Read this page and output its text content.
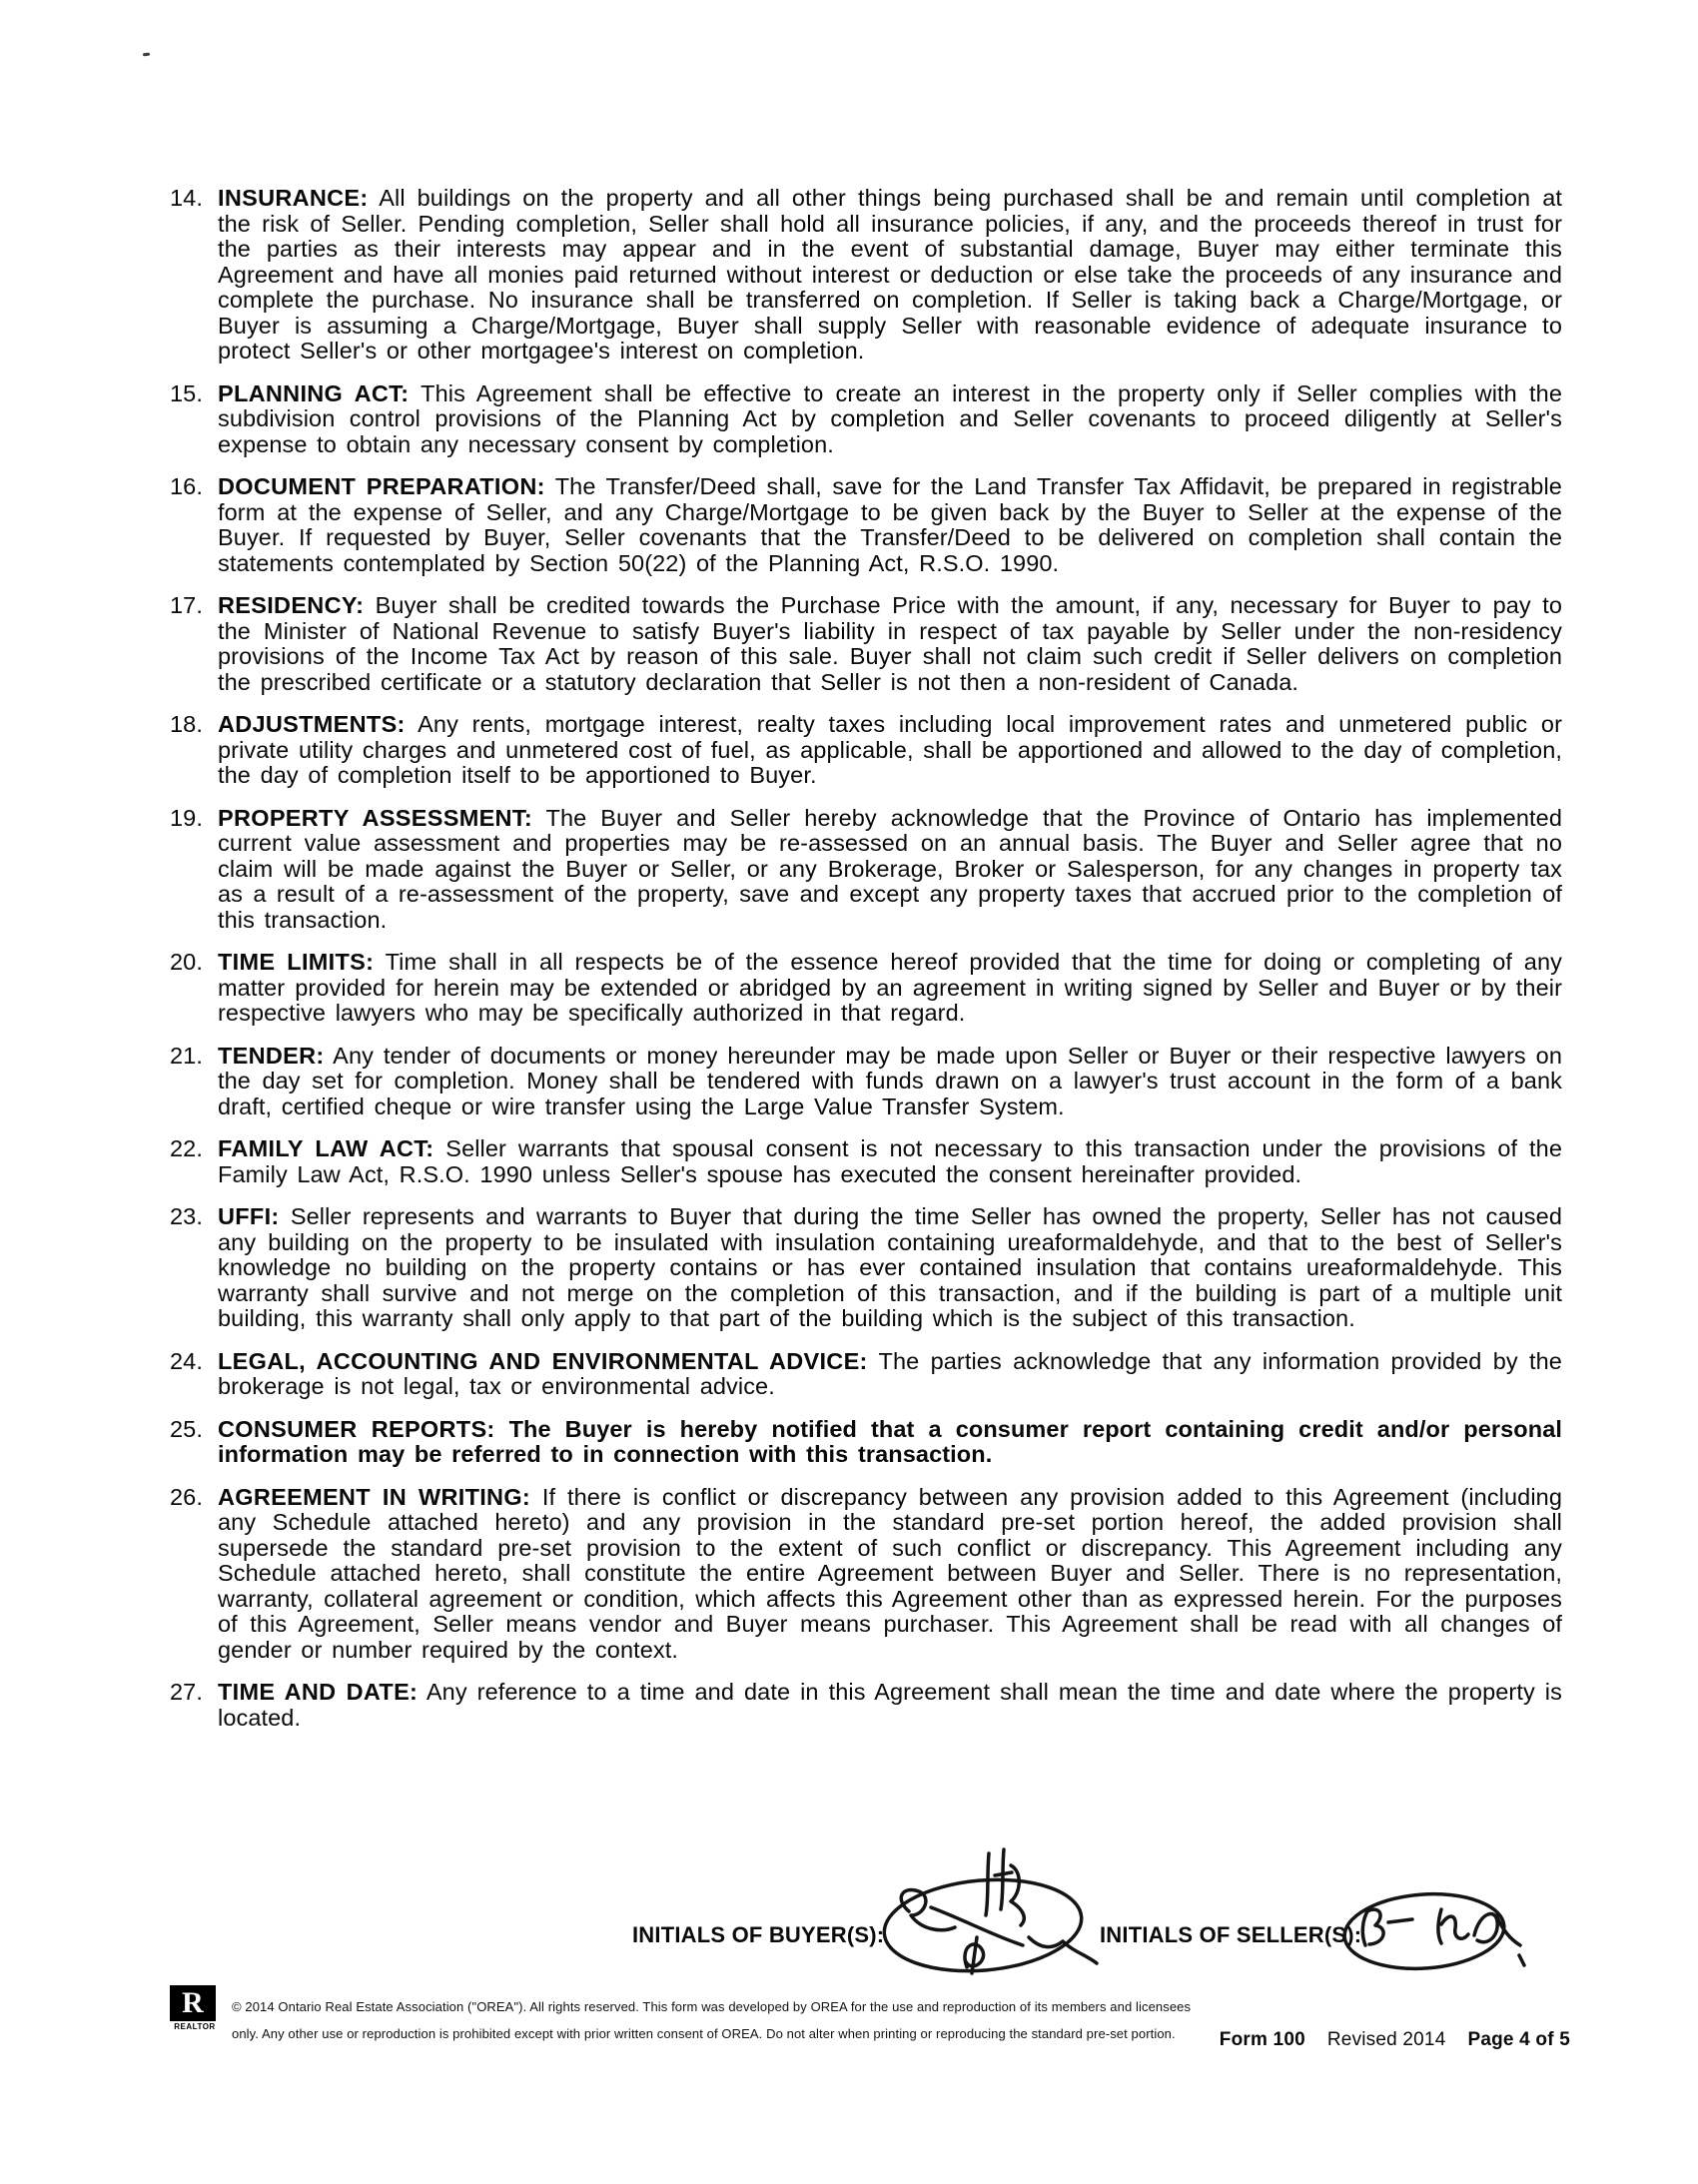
14. INSURANCE: All buildings on the property and all other things being purchased shall be and remain until completion at the risk of Seller. Pending completion, Seller shall hold all insurance policies, if any, and the proceeds thereof in trust for the parties as their interests may appear and in the event of substantial damage, Buyer may either terminate this Agreement and have all monies paid returned without interest or deduction or else take the proceeds of any insurance and complete the purchase. No insurance shall be transferred on completion. If Seller is taking back a Charge/Mortgage, or Buyer is assuming a Charge/Mortgage, Buyer shall supply Seller with reasonable evidence of adequate insurance to protect Seller's or other mortgagee's interest on completion.
15. PLANNING ACT: This Agreement shall be effective to create an interest in the property only if Seller complies with the subdivision control provisions of the Planning Act by completion and Seller covenants to proceed diligently at Seller's expense to obtain any necessary consent by completion.
16. DOCUMENT PREPARATION: The Transfer/Deed shall, save for the Land Transfer Tax Affidavit, be prepared in registrable form at the expense of Seller, and any Charge/Mortgage to be given back by the Buyer to Seller at the expense of the Buyer. If requested by Buyer, Seller covenants that the Transfer/Deed to be delivered on completion shall contain the statements contemplated by Section 50(22) of the Planning Act, R.S.O. 1990.
17. RESIDENCY: Buyer shall be credited towards the Purchase Price with the amount, if any, necessary for Buyer to pay to the Minister of National Revenue to satisfy Buyer's liability in respect of tax payable by Seller under the non-residency provisions of the Income Tax Act by reason of this sale. Buyer shall not claim such credit if Seller delivers on completion the prescribed certificate or a statutory declaration that Seller is not then a non-resident of Canada.
18. ADJUSTMENTS: Any rents, mortgage interest, realty taxes including local improvement rates and unmetered public or private utility charges and unmetered cost of fuel, as applicable, shall be apportioned and allowed to the day of completion, the day of completion itself to be apportioned to Buyer.
19. PROPERTY ASSESSMENT: The Buyer and Seller hereby acknowledge that the Province of Ontario has implemented current value assessment and properties may be re-assessed on an annual basis. The Buyer and Seller agree that no claim will be made against the Buyer or Seller, or any Brokerage, Broker or Salesperson, for any changes in property tax as a result of a re-assessment of the property, save and except any property taxes that accrued prior to the completion of this transaction.
20. TIME LIMITS: Time shall in all respects be of the essence hereof provided that the time for doing or completing of any matter provided for herein may be extended or abridged by an agreement in writing signed by Seller and Buyer or by their respective lawyers who may be specifically authorized in that regard.
21. TENDER: Any tender of documents or money hereunder may be made upon Seller or Buyer or their respective lawyers on the day set for completion. Money shall be tendered with funds drawn on a lawyer's trust account in the form of a bank draft, certified cheque or wire transfer using the Large Value Transfer System.
22. FAMILY LAW ACT: Seller warrants that spousal consent is not necessary to this transaction under the provisions of the Family Law Act, R.S.O. 1990 unless Seller's spouse has executed the consent hereinafter provided.
23. UFFI: Seller represents and warrants to Buyer that during the time Seller has owned the property, Seller has not caused any building on the property to be insulated with insulation containing ureaformaldehyde, and that to the best of Seller's knowledge no building on the property contains or has ever contained insulation that contains ureaformaldehyde. This warranty shall survive and not merge on the completion of this transaction, and if the building is part of a multiple unit building, this warranty shall only apply to that part of the building which is the subject of this transaction.
24. LEGAL, ACCOUNTING AND ENVIRONMENTAL ADVICE: The parties acknowledge that any information provided by the brokerage is not legal, tax or environmental advice.
25. CONSUMER REPORTS: The Buyer is hereby notified that a consumer report containing credit and/or personal information may be referred to in connection with this transaction.
26. AGREEMENT IN WRITING: If there is conflict or discrepancy between any provision added to this Agreement (including any Schedule attached hereto) and any provision in the standard pre-set portion hereof, the added provision shall supersede the standard pre-set provision to the extent of such conflict or discrepancy. This Agreement including any Schedule attached hereto, shall constitute the entire Agreement between Buyer and Seller. There is no representation, warranty, collateral agreement or condition, which affects this Agreement other than as expressed herein. For the purposes of this Agreement, Seller means vendor and Buyer means purchaser. This Agreement shall be read with all changes of gender or number required by the context.
27. TIME AND DATE: Any reference to a time and date in this Agreement shall mean the time and date where the property is located.
INITIALS OF BUYER(S):	INITIALS OF SELLER(S):
R
REALTOR
© 2014 Ontario Real Estate Association ("OREA"). All rights reserved. This form was developed by OREA for the use and reproduction of its members and licensees
only. Any other use or reproduction is prohibited except with prior written consent of OREA. Do not alter when printing or reproducing the standard pre-set portion.	Form 100 Revised 2014 Page 4 of 5
